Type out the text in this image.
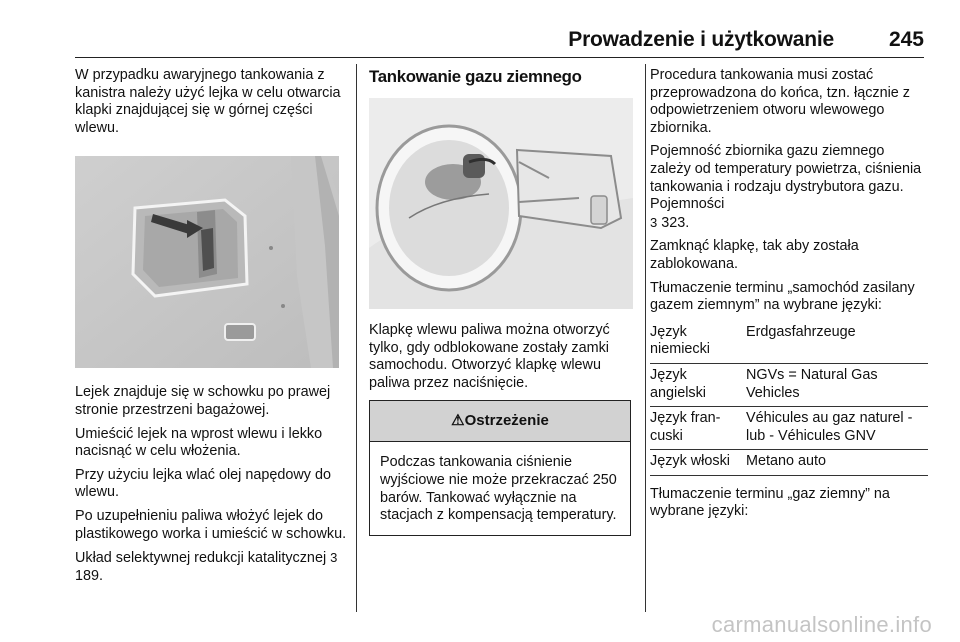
Prowadzenie i użytkowanie	245

W przypadku awaryjnego tankowania z kanistra należy użyć lejka w celu otwarcia klapki znajdującej się w górnej części wlewu.

Lejek znajduje się w schowku po prawej stronie przestrzeni bagażowej.

Umieścić lejek na wprost wlewu i lekko nacisnąć w celu włożenia.

Przy użyciu lejka wlać olej napędowy do wlewu.

Po uzupełnieniu paliwa włożyć lejek do plastikowego worka i umieścić w schowku.

Układ selektywnej redukcji katalitycznej 3 189.

Tankowanie gazu ziemnego

Klapkę wlewu paliwa można otworzyć tylko, gdy odblokowane zostały zamki samochodu. Otworzyć klapkę wlewu paliwa przez naciśnięcie.

⚠Ostrzeżenie
Podczas tankowania ciśnienie wyjściowe nie może przekraczać 250 barów. Tankować wyłącznie na stacjach z kompensacją temperatury.

Procedura tankowania musi zostać przeprowadzona do końca, tzn. łącznie z odpowietrzeniem otworu wlewowego zbiornika.

Pojemność zbiornika gazu ziemnego zależy od temperatury powietrza, ciśnienia tankowania i rodzaju dystrybutora gazu. Pojemności
3 323.

Zamknąć klapkę, tak aby została zablokowana.

Tłumaczenie terminu „samochód zasilany gazem ziemnym” na wybrane języki:

Język niemiecki	Erdgasfahrzeuge
Język angielski	NGVs = Natural Gas Vehicles
Język fran-cuski	Véhicules au gaz naturel - lub - Véhicules GNV
Język włoski	Metano auto

Tłumaczenie terminu „gaz ziemny” na wybrane języki:

carmanualsonline.info
